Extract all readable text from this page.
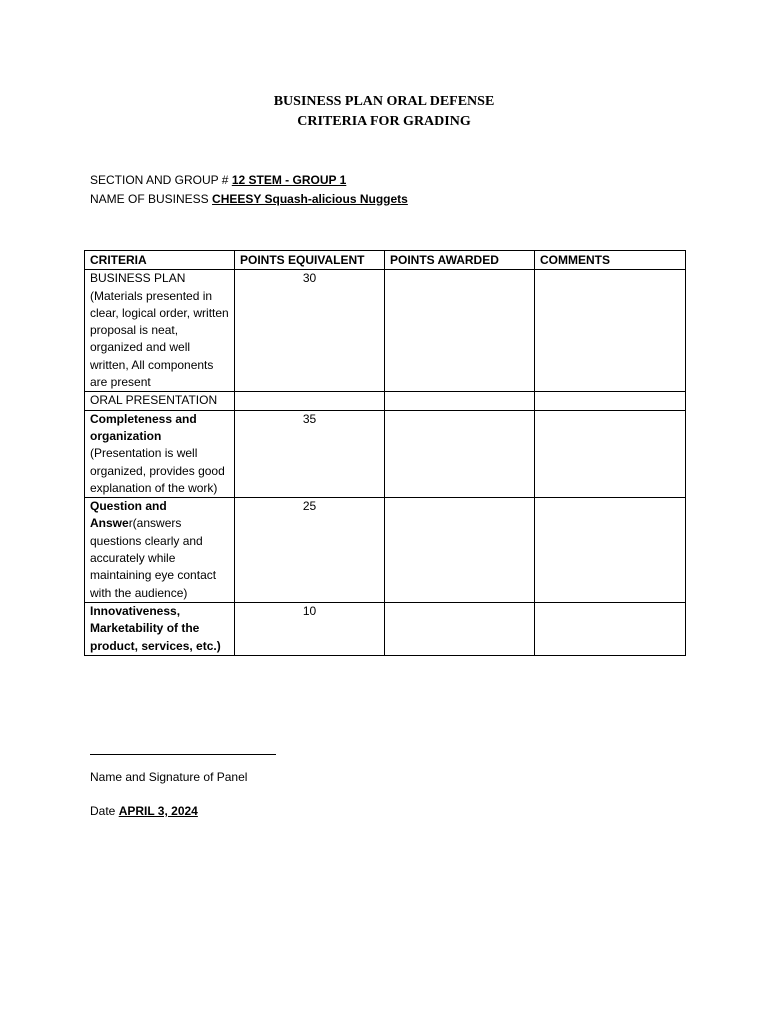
BUSINESS PLAN ORAL DEFENSE
CRITERIA FOR GRADING
SECTION AND GROUP # 12 STEM - GROUP 1
NAME OF BUSINESS CHEESY Squash-alicious Nuggets
CRITERIA	POINTS EQUIVALENT	POINTS AWARDED	COMMENTS
BUSINESS PLAN (Materials presented in clear, logical order, written proposal is neat, organized and well written, All components are present	30		
ORAL PRESENTATION			
Completeness and organization (Presentation is well organized, provides good explanation of the work)	35		
Question and Answer(answers questions clearly and accurately while maintaining eye contact with the audience)	25		
Innovativeness, Marketability of the product, services, etc.)	10		
Name and Signature of Panel
Date APRIL 3, 2024
